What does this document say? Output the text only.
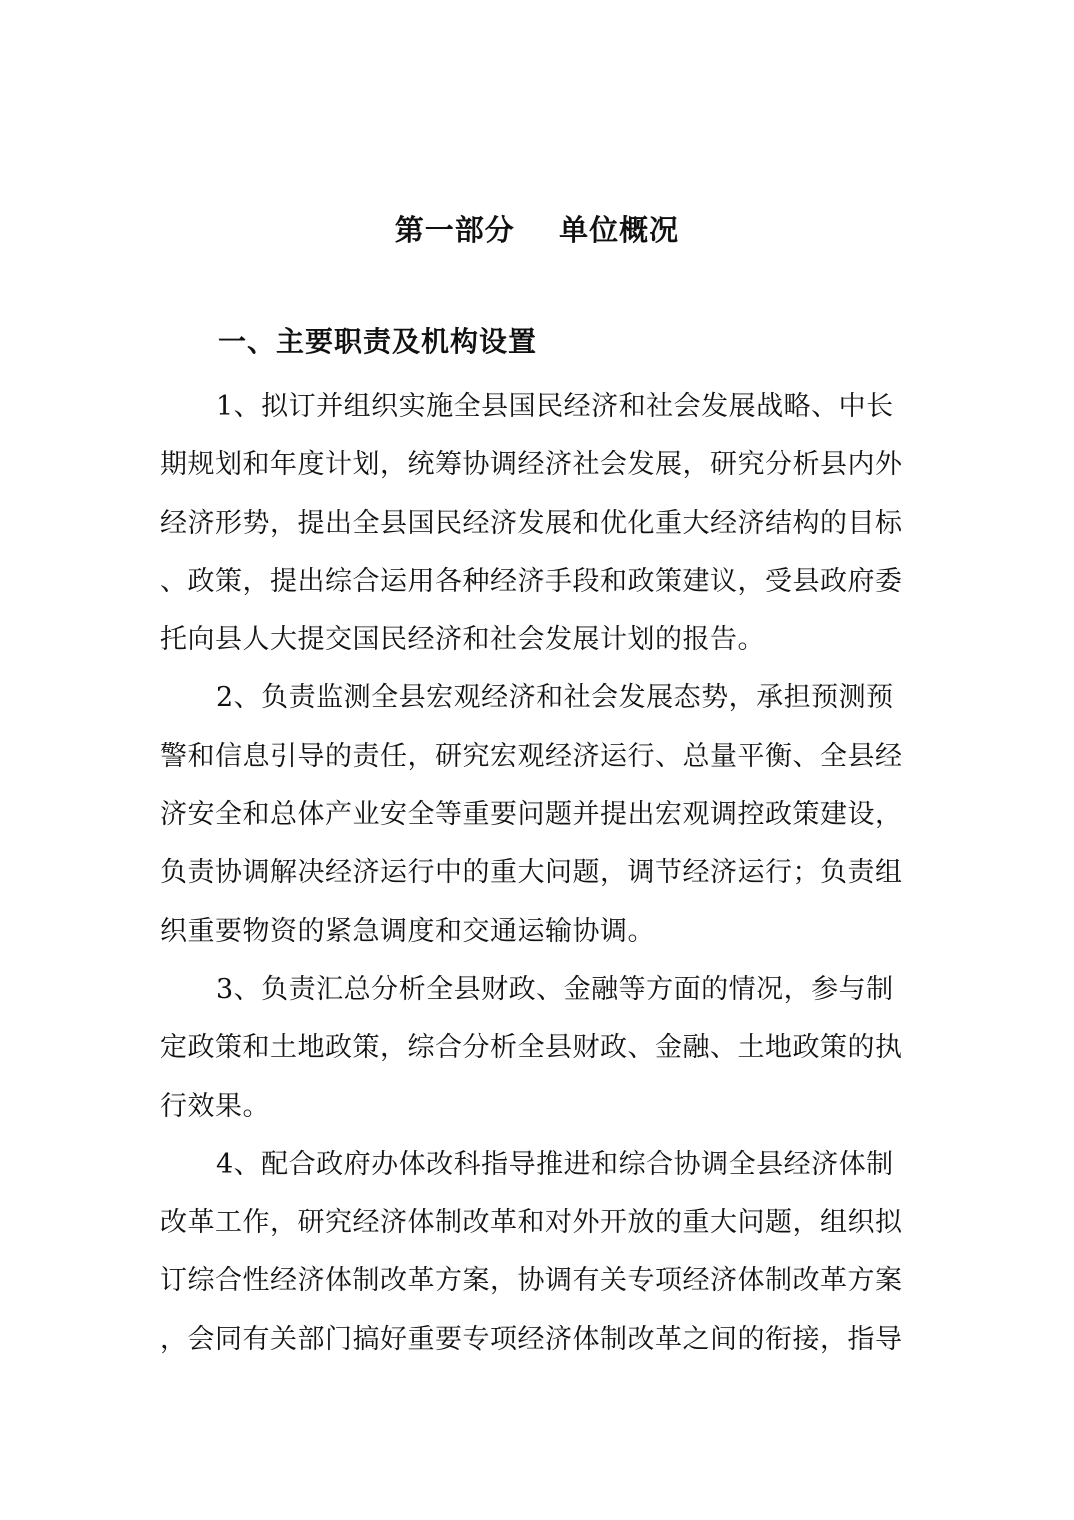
第一部分    单位概况
一、主要职责及机构设置

1、拟订并组织实施全县国民经济和社会发展战略、中长
期规划和年度计划，统筹协调经济社会发展，研究分析县内外
经济形势，提出全县国民经济发展和优化重大经济结构的目标
、政策，提出综合运用各种经济手段和政策建议，受县政府委
托向县人大提交国民经济和社会发展计划的报告。

2、负责监测全县宏观经济和社会发展态势，承担预测预
警和信息引导的责任，研究宏观经济运行、总量平衡、全县经
济安全和总体产业安全等重要问题并提出宏观调控政策建设，
负责协调解决经济运行中的重大问题，调节经济运行；负责组
织重要物资的紧急调度和交通运输协调。

3、负责汇总分析全县财政、金融等方面的情况，参与制
定政策和土地政策，综合分析全县财政、金融、土地政策的执
行效果。

4、配合政府办体改科指导推进和综合协调全县经济体制
改革工作，研究经济体制改革和对外开放的重大问题，组织拟
订综合性经济体制改革方案，协调有关专项经济体制改革方案
，会同有关部门搞好重要专项经济体制改革之间的衔接，指导
